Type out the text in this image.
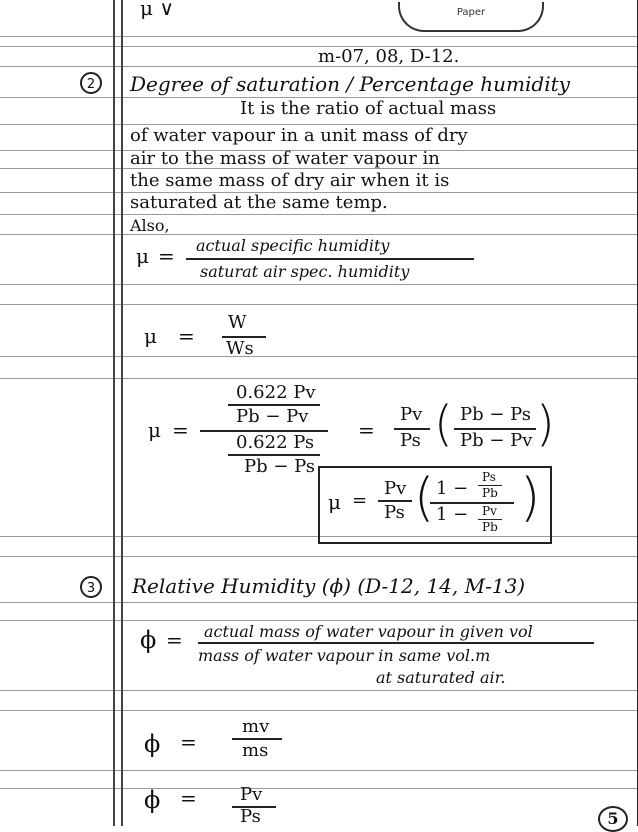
μ ∨	Paper
m-07, 08, D-12.
2	Degree of saturation / Percentage humidity
It is the ratio of actual mass
of water vapour in a unit mass of dry
air to the mass of water vapour in
the same mass of dry air when it is
saturated at the same temp.
Also,
μ = actual specific humidity
saturat air spec. humidity
μ =
W
Ws
μ =
0.622 Pv
Pb − Pv
0.622 Ps
Pb − Ps
=
Pv
Ps ( Pb − Ps
Pb − Pv )
μ =
Pv
Ps ( 1 −
Ps
Pb
1 − Pv
Pb )
3	Relative Humidity (ϕ) (D-12, 14, M-13)
ϕ = actual mass of water vapour in given vol
mass of water vapour in same vol.m
at saturated air.
ϕ =
mv
ms
ϕ = Pv
Ps	5
